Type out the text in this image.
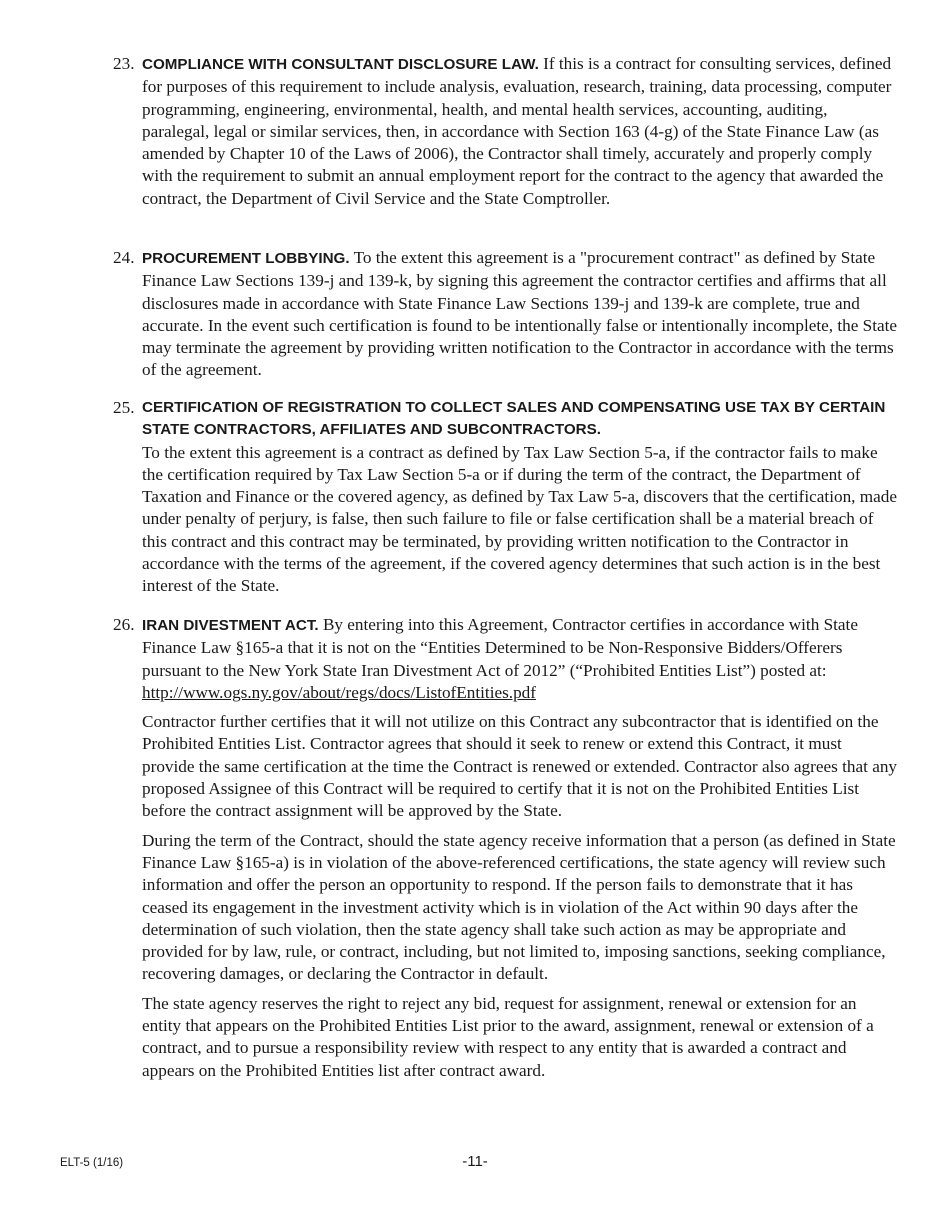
23. COMPLIANCE WITH CONSULTANT DISCLOSURE LAW. If this is a contract for consulting services, defined for purposes of this requirement to include analysis, evaluation, research, training, data processing, computer programming, engineering, environmental, health, and mental health services, accounting, auditing, paralegal, legal or similar services, then, in accordance with Section 163 (4-g) of the State Finance Law (as amended by Chapter 10 of the Laws of 2006), the Contractor shall timely, accurately and properly comply with the requirement to submit an annual employment report for the contract to the agency that awarded the contract, the Department of Civil Service and the State Comptroller.

24. PROCUREMENT LOBBYING. To the extent this agreement is a "procurement contract" as defined by State Finance Law Sections 139-j and 139-k, by signing this agreement the contractor certifies and affirms that all disclosures made in accordance with State Finance Law Sections 139-j and 139-k are complete, true and accurate. In the event such certification is found to be intentionally false or intentionally incomplete, the State may terminate the agreement by providing written notification to the Contractor in accordance with the terms of the agreement.

25. CERTIFICATION OF REGISTRATION TO COLLECT SALES AND COMPENSATING USE TAX BY CERTAIN STATE CONTRACTORS, AFFILIATES AND SUBCONTRACTORS.

To the extent this agreement is a contract as defined by Tax Law Section 5-a, if the contractor fails to make the certification required by Tax Law Section 5-a or if during the term of the contract, the Department of Taxation and Finance or the covered agency, as defined by Tax Law 5-a, discovers that the certification, made under penalty of perjury, is false, then such failure to file or false certification shall be a material breach of this contract and this contract may be terminated, by providing written notification to the Contractor in accordance with the terms of the agreement, if the covered agency determines that such action is in the best interest of the State.

26. IRAN DIVESTMENT ACT. By entering into this Agreement, Contractor certifies in accordance with State Finance Law §165-a that it is not on the “Entities Determined to be Non-Responsive Bidders/Offerers pursuant to the New York State Iran Divestment Act of 2012” (“Prohibited Entities List”) posted at: http://www.ogs.ny.gov/about/regs/docs/ListofEntities.pdf

Contractor further certifies that it will not utilize on this Contract any subcontractor that is identified on the Prohibited Entities List. Contractor agrees that should it seek to renew or extend this Contract, it must provide the same certification at the time the Contract is renewed or extended. Contractor also agrees that any proposed Assignee of this Contract will be required to certify that it is not on the Prohibited Entities List before the contract assignment will be approved by the State.

During the term of the Contract, should the state agency receive information that a person (as defined in State Finance Law §165-a) is in violation of the above-referenced certifications, the state agency will review such information and offer the person an opportunity to respond. If the person fails to demonstrate that it has ceased its engagement in the investment activity which is in violation of the Act within 90 days after the determination of such violation, then the state agency shall take such action as may be appropriate and provided for by law, rule, or contract, including, but not limited to, imposing sanctions, seeking compliance, recovering damages, or declaring the Contractor in default.

The state agency reserves the right to reject any bid, request for assignment, renewal or extension for an entity that appears on the Prohibited Entities List prior to the award, assignment, renewal or extension of a contract, and to pursue a responsibility review with respect to any entity that is awarded a contract and appears on the Prohibited Entities list after contract award.

ELT-5 (1/16)	-11-
